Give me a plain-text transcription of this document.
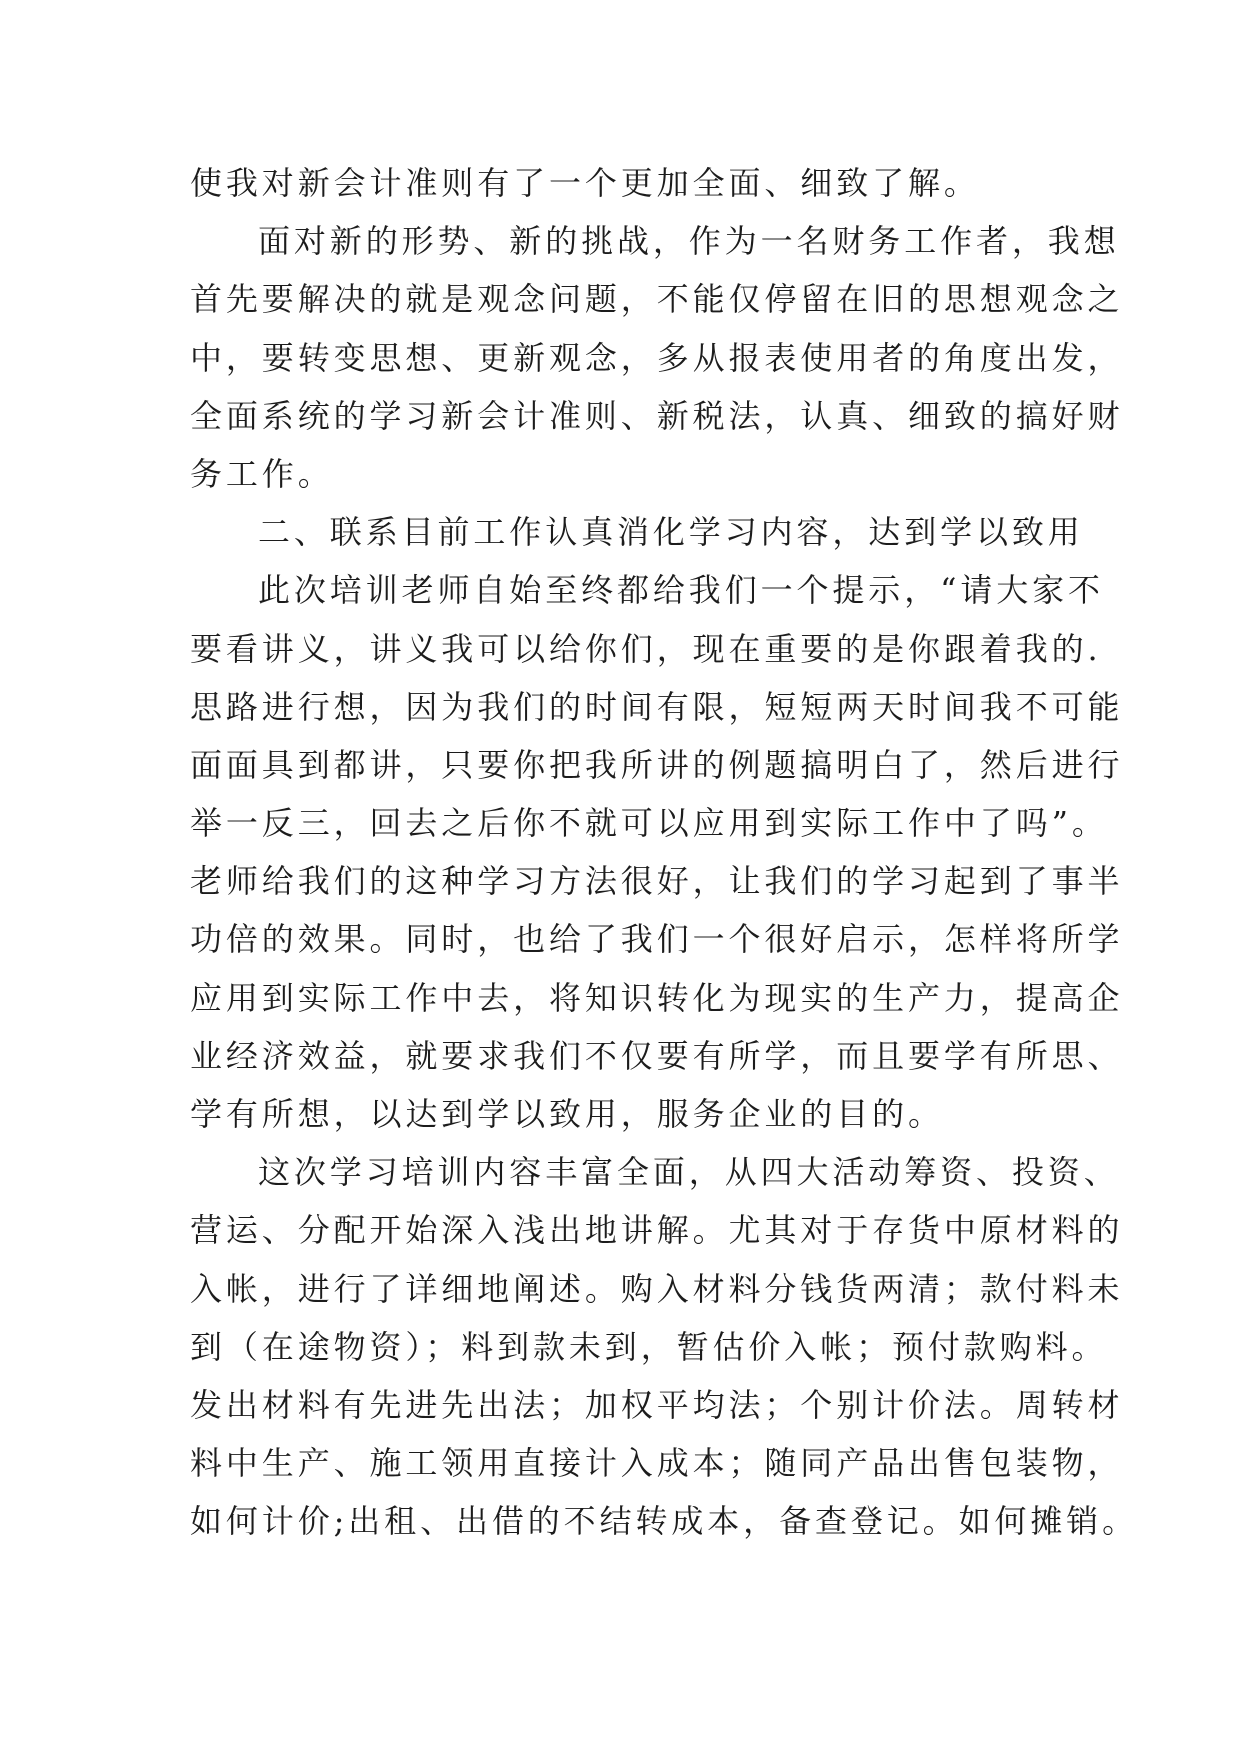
使我对新会计准则有了一个更加全面、细致了解。
面对新的形势、新的挑战，作为一名财务工作者，我想
首先要解决的就是观念问题，不能仅停留在旧的思想观念之
中，要转变思想、更新观念，多从报表使用者的角度出发，
全面系统的学习新会计准则、新税法，认真、细致的搞好财
务工作。
二、联系目前工作认真消化学习内容，达到学以致用
此次培训老师自始至终都给我们一个提示，“请大家不
要看讲义，讲义我可以给你们，现在重要的是你跟着我的.
思路进行想，因为我们的时间有限，短短两天时间我不可能
面面具到都讲，只要你把我所讲的例题搞明白了，然后进行
举一反三，回去之后你不就可以应用到实际工作中了吗”。
老师给我们的这种学习方法很好，让我们的学习起到了事半
功倍的效果。同时，也给了我们一个很好启示，怎样将所学
应用到实际工作中去，将知识转化为现实的生产力，提高企
业经济效益，就要求我们不仅要有所学，而且要学有所思、
学有所想，以达到学以致用，服务企业的目的。
这次学习培训内容丰富全面，从四大活动筹资、投资、
营运、分配开始深入浅出地讲解。尤其对于存货中原材料的
入帐，进行了详细地阐述。购入材料分钱货两清；款付料未
到（在途物资）；料到款未到，暂估价入帐；预付款购料。
发出材料有先进先出法；加权平均法；个别计价法。周转材
料中生产、施工领用直接计入成本；随同产品出售包装物，
如何计价;出租、出借的不结转成本，备查登记。如何摊销。
